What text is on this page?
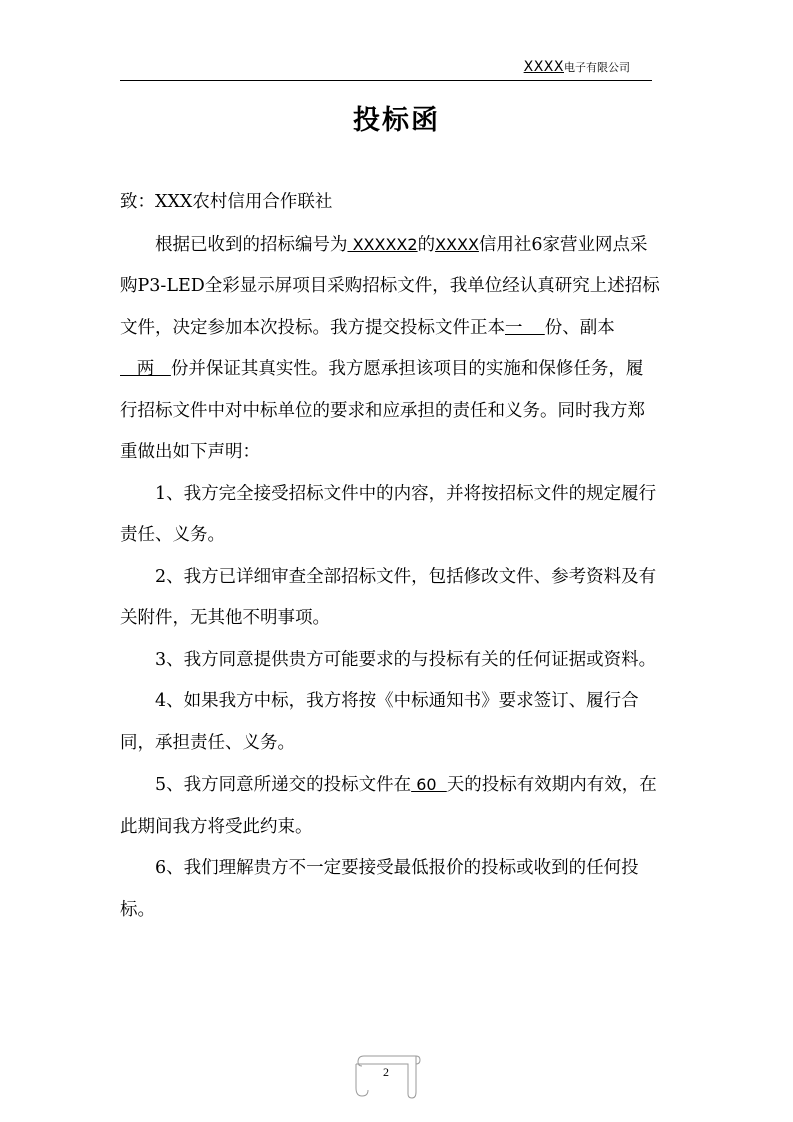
XXXX电子有限公司
投标函

致：XXX农村信用合作联社

根据已收到的招标编号为 XXXXX2的XXXX信用社6家营业网点采购P3-LED全彩显示屏项目采购招标文件，我单位经认真研究上述招标文件，决定参加本次投标。我方提交投标文件正本一    份、副本   两   份并保证其真实性。我方愿承担该项目的实施和保修任务，履行招标文件中对中标单位的要求和应承担的责任和义务。同时我方郑重做出如下声明：

1、我方完全接受招标文件中的内容，并将按招标文件的规定履行责任、义务。

2、我方已详细审查全部招标文件，包括修改文件、参考资料及有关附件，无其他不明事项。

3、我方同意提供贵方可能要求的与投标有关的任何证据或资料。

4、如果我方中标，我方将按《中标通知书》要求签订、履行合同，承担责任、义务。

5、我方同意所递交的投标文件在 60  天的投标有效期内有效，在此期间我方将受此约束。

6、我们理解贵方不一定要接受最低报价的投标或收到的任何投标。

2
